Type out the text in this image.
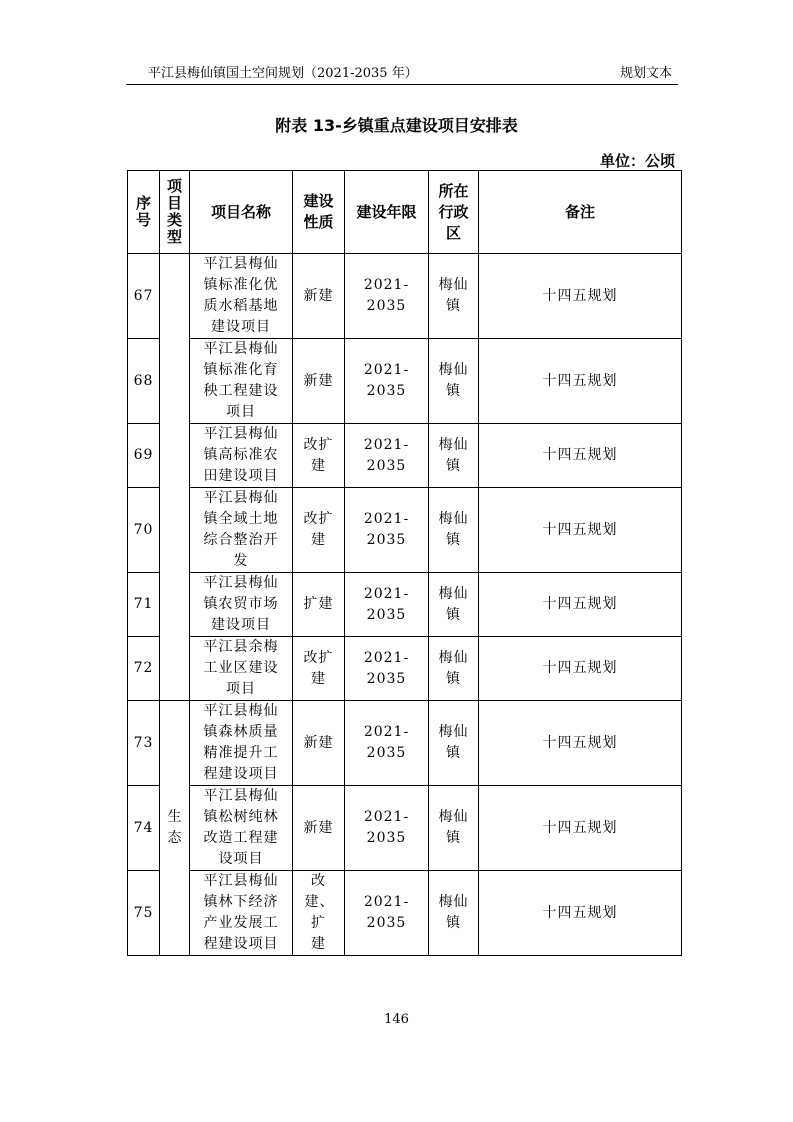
平江县梅仙镇国土空间规划（2021-2035 年）	规划文本
附表 13-乡镇重点建设项目安排表
单位：公顷
序号	项目类型	项目名称	建设性质	建设年限	所在行政区	备注
67		平江县梅仙镇标准化优质水稻基地建设项目	新建	2021-2035	梅仙镇	十四五规划
68		平江县梅仙镇标准化育秧工程建设项目	新建	2021-2035	梅仙镇	十四五规划
69		平江县梅仙镇高标准农田建设项目	改扩建	2021-2035	梅仙镇	十四五规划
70		平江县梅仙镇全域土地综合整治开发	改扩建	2021-2035	梅仙镇	十四五规划
71		平江县梅仙镇农贸市场建设项目	扩建	2021-2035	梅仙镇	十四五规划
72		平江县余梅工业区建设项目	改扩建	2021-2035	梅仙镇	十四五规划
73	生态	平江县梅仙镇森林质量精准提升工程建设项目	新建	2021-2035	梅仙镇	十四五规划
74		平江县梅仙镇松树纯林改造工程建设项目	新建	2021-2035	梅仙镇	十四五规划
75		平江县梅仙镇林下经济产业发展工程建设项目	改建、扩建	2021-2035	梅仙镇	十四五规划
146
